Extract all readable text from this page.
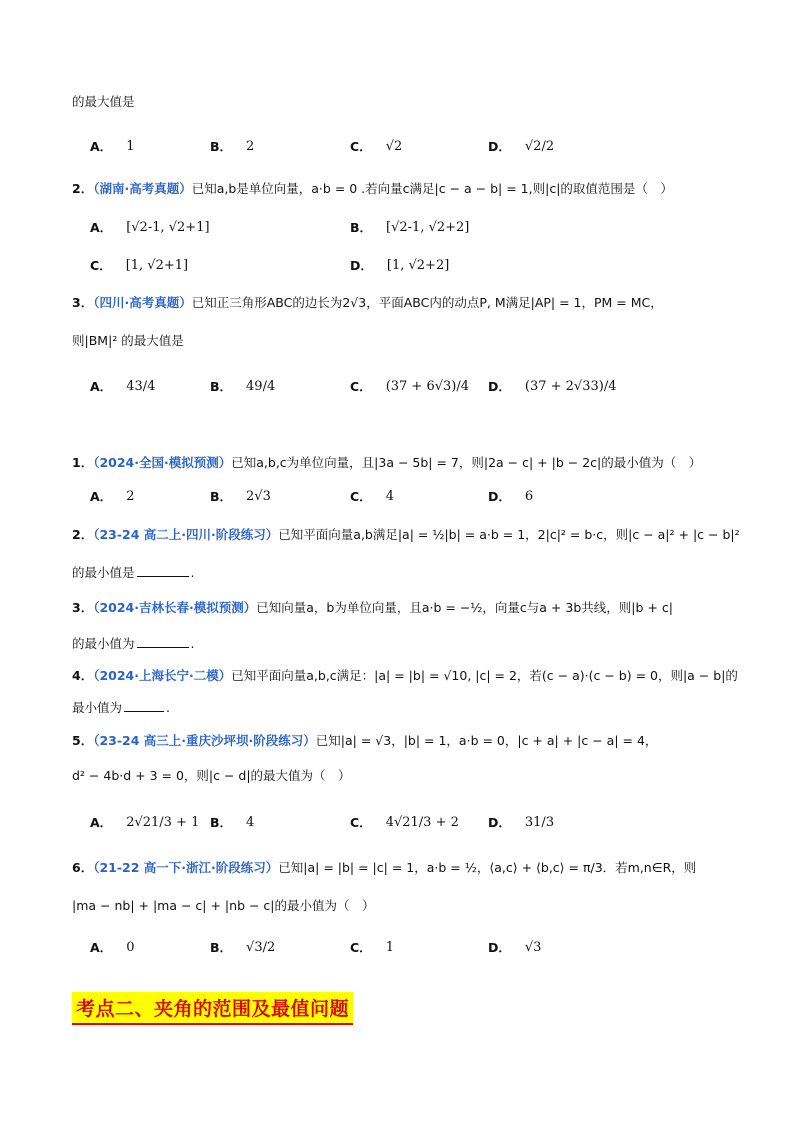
的最大值是
A． 1	B． 2	C． √2	D． √2/2
2．（湖南·高考真题）已知a,b是单位向量，a·b = 0 .若向量c满足|c − a − b| = 1,则|c|的取值范围是（　）
A． [√2-1, √2+1]	B． [√2-1, √2+2]
C． [1, √2+1]	D． [1, √2+2]
3．（四川·高考真题）已知正三角形ABC的边长为2√3，平面ABC内的动点P, M满足|AP| = 1，PM = MC，
则|BM|² 的最大值是
A． 43/4	B． 49/4	C． (37 + 6√3)/4 D． (37 + 2√33)/4
1．（2024·全国·模拟预测）已知a,b,c为单位向量，且|3a − 5b| = 7，则|2a − c| + |b − 2c|的最小值为（　）
A． 2	B． 2√3	C． 4	D． 6
2．（23-24 高二上·四川·阶段练习）已知平面向量a,b满足|a| = ½|b| = a·b = 1，2|c|² = b·c，则|c − a|² + |c − b|²
的最小值是	.
3．（2024·吉林长春·模拟预测）已知向量a，b为单位向量，且a·b = −½，向量c与a + 3b共线，则|b + c|
的最小值为	.
4．（2024·上海长宁·二模）已知平面向量a,b,c满足：|a| = |b| = √10, |c| = 2，若(c − a)·(c − b) = 0，则|a − b|的
最小值为	.
5．（23-24 高三上·重庆沙坪坝·阶段练习）已知|a| = √3，|b| = 1，a·b = 0，|c + a| + |c − a| = 4，
d² − 4b·d + 3 = 0，则|c − d|的最大值为（　）
A． 2√21/3 + 1 B． 4	C． 4√21/3 + 2 D． 31/3
6．（21-22 高一下·浙江·阶段练习）已知|a| = |b| = |c| = 1，a·b = ½，⟨a,c⟩ + ⟨b,c⟩ = π/3．若m,n∈R，则
|ma − nb| + |ma − c| + |nb − c|的最小值为（　）
A． 0	B． √3/2	C． 1	D． √3
考点二、夹角的范围及最值问题
